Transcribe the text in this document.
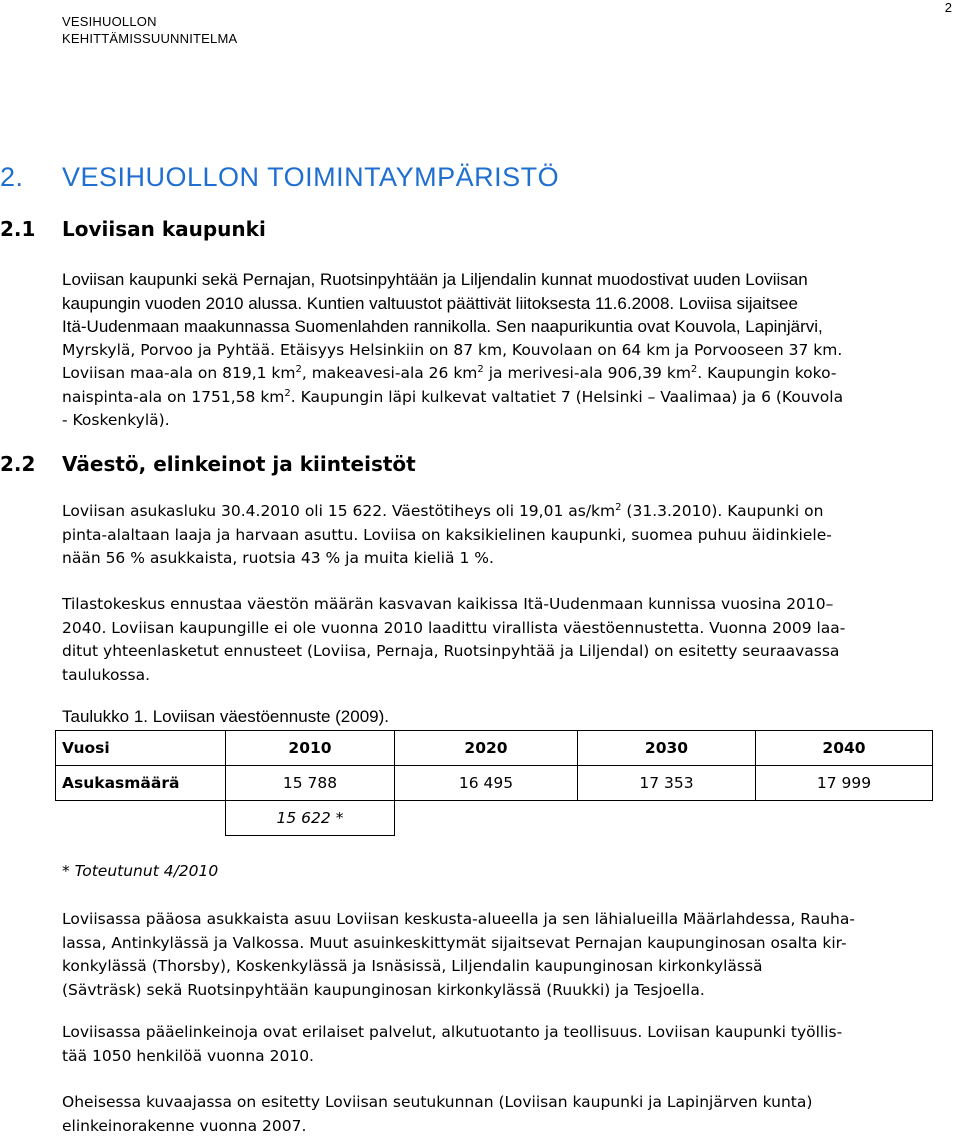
VESIHUOLLON
KEHITTÄMISSUUNNITELMA
2
2. VESIHUOLLON TOIMINTAYMPÄRISTÖ
2.1 Loviisan kaupunki
Loviisan kaupunki sekä Pernajan, Ruotsinpyhtään ja Liljendalin kunnat muodostivat uuden Loviisan
kaupungin vuoden 2010 alussa. Kuntien valtuustot päättivät liitoksesta 11.6.2008. Loviisa sijaitsee
Itä-Uudenmaan maakunnassa Suomenlahden rannikolla. Sen naapurikuntia ovat Kouvola, Lapinjärvi,
Myrskylä, Porvoo ja Pyhtää. Etäisyys Helsinkiin on 87 km, Kouvolaan on 64 km ja Porvooseen 37 km.
Loviisan maa-ala on 819,1 $km^2$, makeavesi-ala 26 $km^2$ ja merivesi-ala 906,39 $km^2$. Kaupungin koko-
naispinta-ala on 1751,58 $km^2$. Kaupungin läpi kulkevat valtatiet 7 (Helsinki – Vaalimaa) ja 6 (Kouvola
- Koskenkylä).
2.2 Väestö, elinkeinot ja kiinteistöt
Loviisan asukasluku 30.4.2010 oli 15 622. Väestötiheys oli 19,01 $as/km^2$ (31.3.2010). Kaupunki on
pinta-alaltaan laaja ja harvaan asuttu. Loviisa on kaksikielinen kaupunki, suomea puhuu äidinkiele-
nään 56 % asukkaista, ruotsia 43 % ja muita kieliä 1 %.
Tilastokeskus ennustaa väestön määrän kasvavan kaikissa Itä-Uudenmaan kunnissa vuosina 2010–
2040. Loviisan kaupungille ei ole vuonna 2010 laadittu virallista väestöennustetta. Vuonna 2009 laa-
ditut yhteenlasketut ennusteet (Loviisa, Pernaja, Ruotsinpyhtää ja Liljendal) on esitetty seuraavassa
taulukossa.
Taulukko 1. Loviisan väestöennuste (2009).
Vuosi	2010	2020	2030	2040
Asukasmäärä	15 788	16 495	17 353	17 999
	15 622 *			
* Toteutunut 4/2010
Loviisassa pääosa asukkaista asuu Loviisan keskusta-alueella ja sen lähialueilla Määrlahdessa, Rauha-
lassa, Antinkylässä ja Valkossa. Muut asuinkeskittymät sijaitsevat Pernajan kaupunginosan osalta kir-
konkylässä (Thorsby), Koskenkylässä ja Isnäsissä, Liljendalin kaupunginosan kirkonkylässä
(Sävträsk) sekä Ruotsinpyhtään kaupunginosan kirkonkylässä (Ruukki) ja Tesjoella.
Loviisassa pääelinkeinoja ovat erilaiset palvelut, alkutuotanto ja teollisuus. Loviisan kaupunki työllis-
tää 1050 henkilöä vuonna 2010.
Oheisessa kuvaajassa on esitetty Loviisan seutukunnan (Loviisan kaupunki ja Lapinjärven kunta)
elinkeinorakenne vuonna 2007.
